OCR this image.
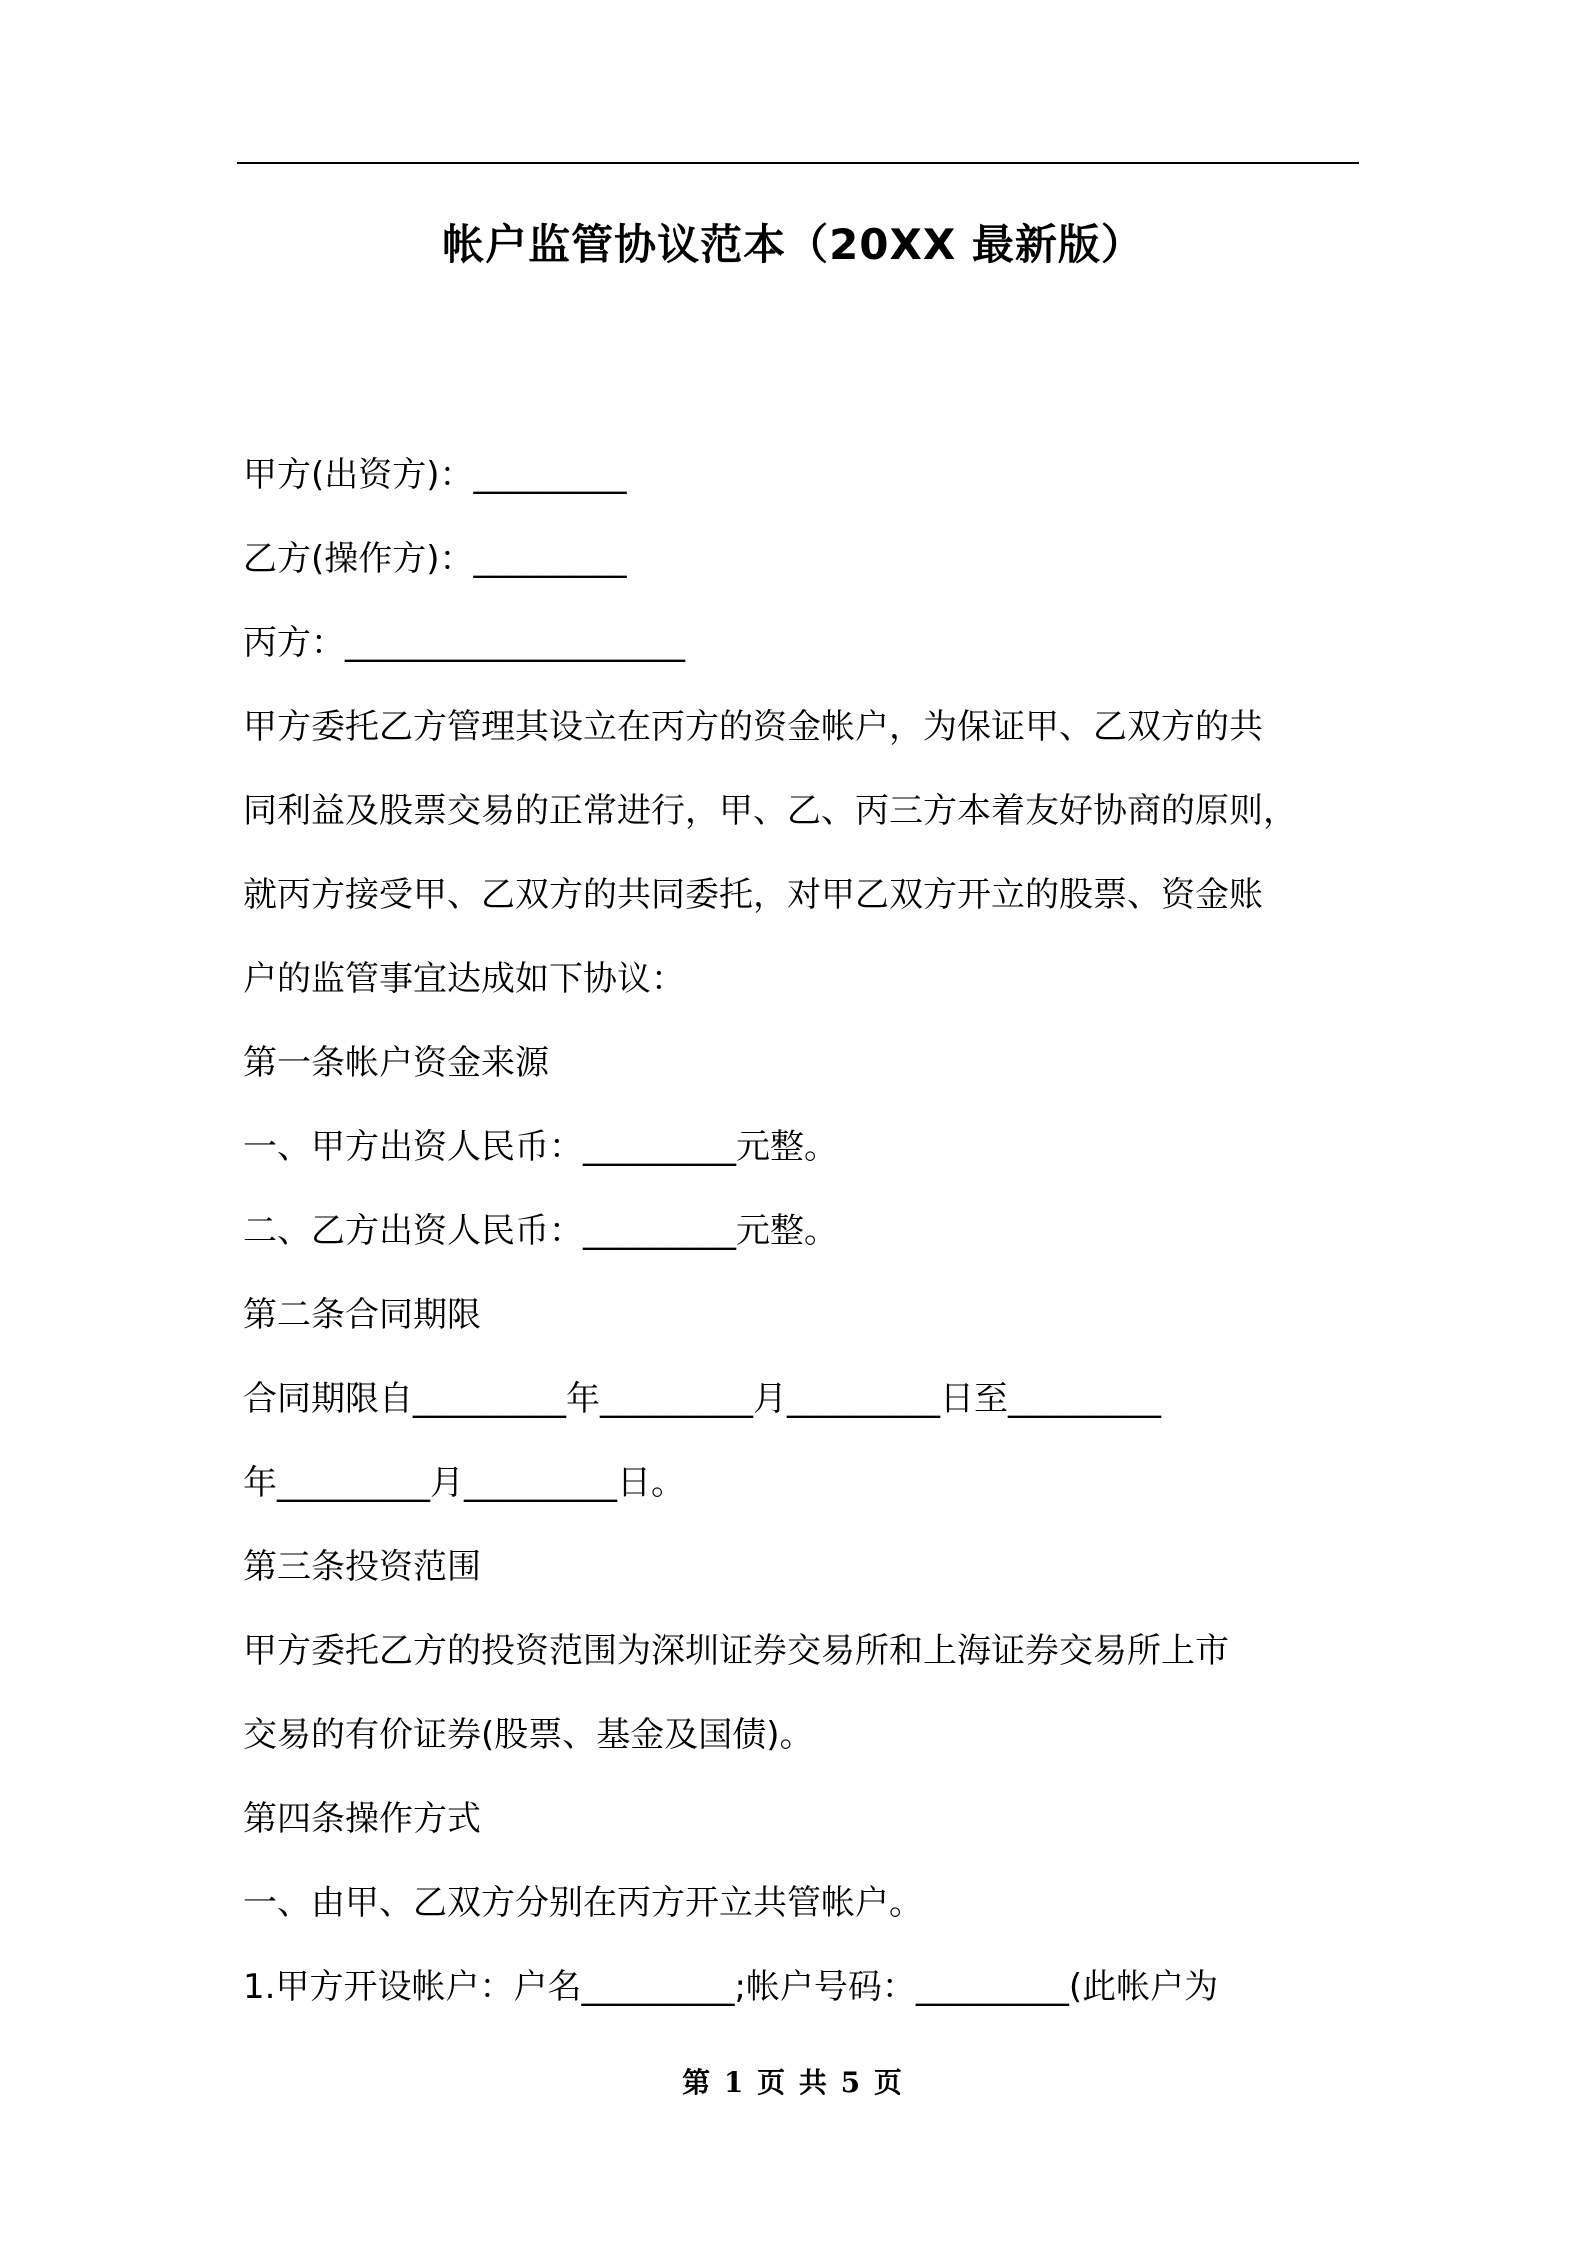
帐户监管协议范本（20XX 最新版）
甲方(出资方)：_________
乙方(操作方)：_________
丙方：____________________
甲方委托乙方管理其设立在丙方的资金帐户，为保证甲、乙双方的共
同利益及股票交易的正常进行，甲、乙、丙三方本着友好协商的原则，
就丙方接受甲、乙双方的共同委托，对甲乙双方开立的股票、资金账
户的监管事宜达成如下协议：
第一条帐户资金来源
一、甲方出资人民币：_________元整。
二、乙方出资人民币：_________元整。
第二条合同期限
合同期限自_________年_________月_________日至_________
年_________月_________日。
第三条投资范围
甲方委托乙方的投资范围为深圳证券交易所和上海证券交易所上市
交易的有价证券(股票、基金及国债)。
第四条操作方式
一、由甲、乙双方分别在丙方开立共管帐户。
1.甲方开设帐户：户名_________;帐户号码：_________(此帐户为
第 1 页 共 5 页
